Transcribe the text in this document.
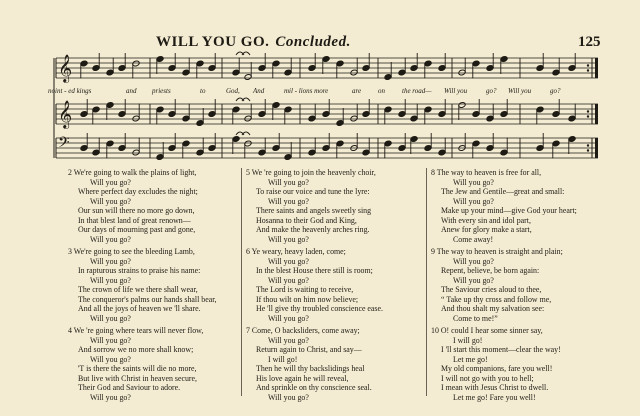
WILL YOU GO. Concluded.	125
𝄞
𝄞
𝄢
noint - ed kings	and priests	to	God, And	mil - lions more	are on the road— Will you	go? Will you	go?
2 We're going to walk the plains of light,
Will you go?
Where perfect day excludes the night;
Will you go?
Our sun will there no more go down,
In that blest land of great renown—
Our days of mourning past and gone,
Will you go?
3 We're going to see the bleeding Lamb,
Will you go?
In rapturous strains to praise his name:
Will you go?
The crown of life we there shall wear,
The conqueror's palms our hands shall bear,
And all the joys of heaven we 'll share.
Will you go?
4 We 're going where tears will never flow,
Will you go?
And sorrow we no more shall know;
Will you go?
'T is there the saints will die no more,
But live with Christ in heaven secure,
Their God and Saviour to adore.
Will you go?
5 We 're going to join the heavenly choir,
Will you go?
To raise our voice and tune the lyre:
Will you go?
There saints and angels sweetly sing
Hosanna to their God and King,
And make the heavenly arches ring.
Will you go?
6 Ye weary, heavy laden, come;
Will you go?
In the blest House there still is room;
Will you go?
The Lord is waiting to receive,
If thou wilt on him now believe;
He 'll give thy troubled conscience ease.
Will you go?
7 Come, O backsliders, come away;
Will you go?
Return again to Christ, and say—
I will go!
Then he will thy backslidings heal
His love again he will reveal,
And sprinkle on thy conscience seal.
Will you go?
8 The way to heaven is free for all,
Will you go?
The Jew and Gentile—great and small:
Will you go?
Make up your mind—give God your heart;
With every sin and idol part,
Anew for glory make a start,
Come away!
9 The way to heaven is straight and plain;
Will you go?
Repent, believe, be born again:
Will you go?
The Saviour cries aloud to thee,
“ Take up thy cross and follow me,
And thou shalt my salvation see:
Come to me!”
10 O! could I hear some sinner say,
I will go!
I 'll start this moment—clear the way!
Let me go!
My old companions, fare you well!
I will not go with you to hell;
I mean with Jesus Christ to dwell.
Let me go! Fare you well!
